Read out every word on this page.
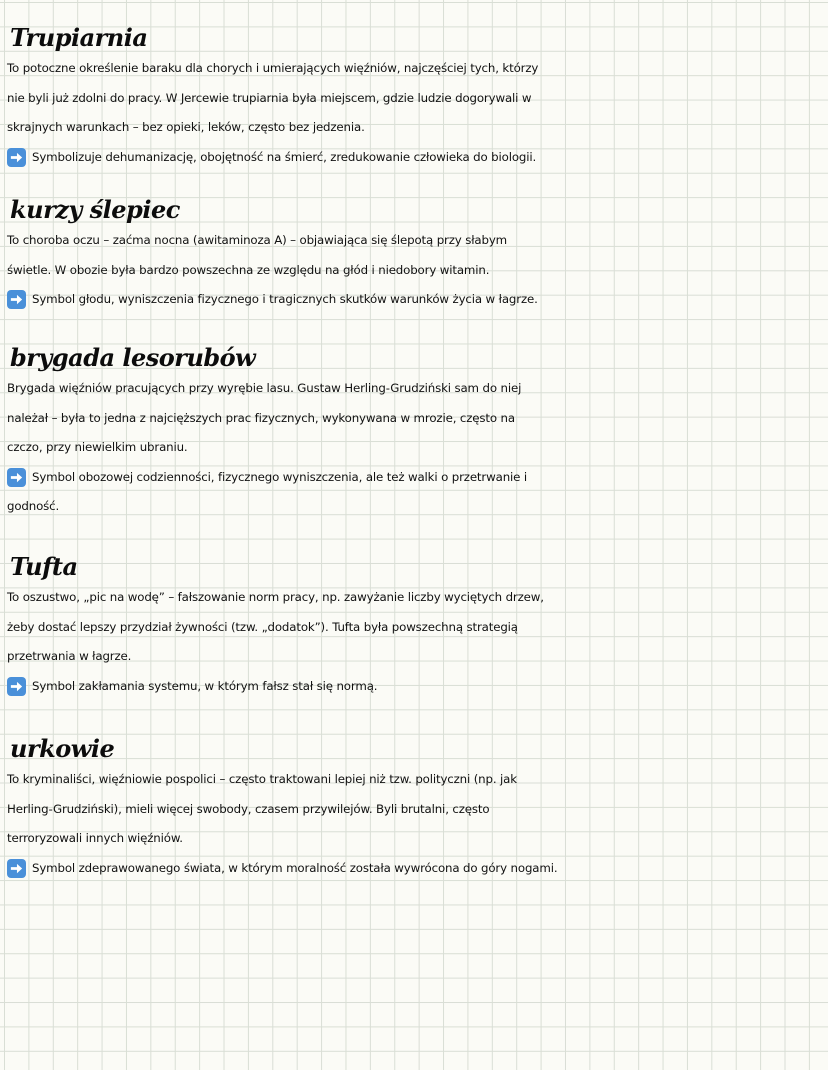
Trupiarnia
To potoczne określenie baraku dla chorych i umierających więźniów, najczęściej tych, którzy
nie byli już zdolni do pracy. W Jercewie trupiarnia była miejscem, gdzie ludzie dogorywali w
skrajnych warunkach – bez opieki, leków, często bez jedzenia.
Symbolizuje dehumanizację, obojętność na śmierć, zredukowanie człowieka do biologii.
kurzy ślepiec
To choroba oczu – zaćma nocna (awitaminoza A) – objawiająca się ślepotą przy słabym
świetle. W obozie była bardzo powszechna ze względu na głód i niedobory witamin.
Symbol głodu, wyniszczenia fizycznego i tragicznych skutków warunków życia w łagrze.
brygada lesorubów
Brygada więźniów pracujących przy wyrębie lasu. Gustaw Herling-Grudziński sam do niej
należał – była to jedna z najcięższych prac fizycznych, wykonywana w mrozie, często na
czczo, przy niewielkim ubraniu.
Symbol obozowej codzienności, fizycznego wyniszczenia, ale też walki o przetrwanie i
godność.
Tufta
To oszustwo, „pic na wodę” – fałszowanie norm pracy, np. zawyżanie liczby wyciętych drzew,
żeby dostać lepszy przydział żywności (tzw. „dodatok”). Tufta była powszechną strategią
przetrwania w łagrze.
Symbol zakłamania systemu, w którym fałsz stał się normą.
urkowie
To kryminaliści, więźniowie pospolici – często traktowani lepiej niż tzw. polityczni (np. jak
Herling-Grudziński), mieli więcej swobody, czasem przywilejów. Byli brutalni, często
terroryzowali innych więźniów.
Symbol zdeprawowanego świata, w którym moralność została wywrócona do góry nogami.
